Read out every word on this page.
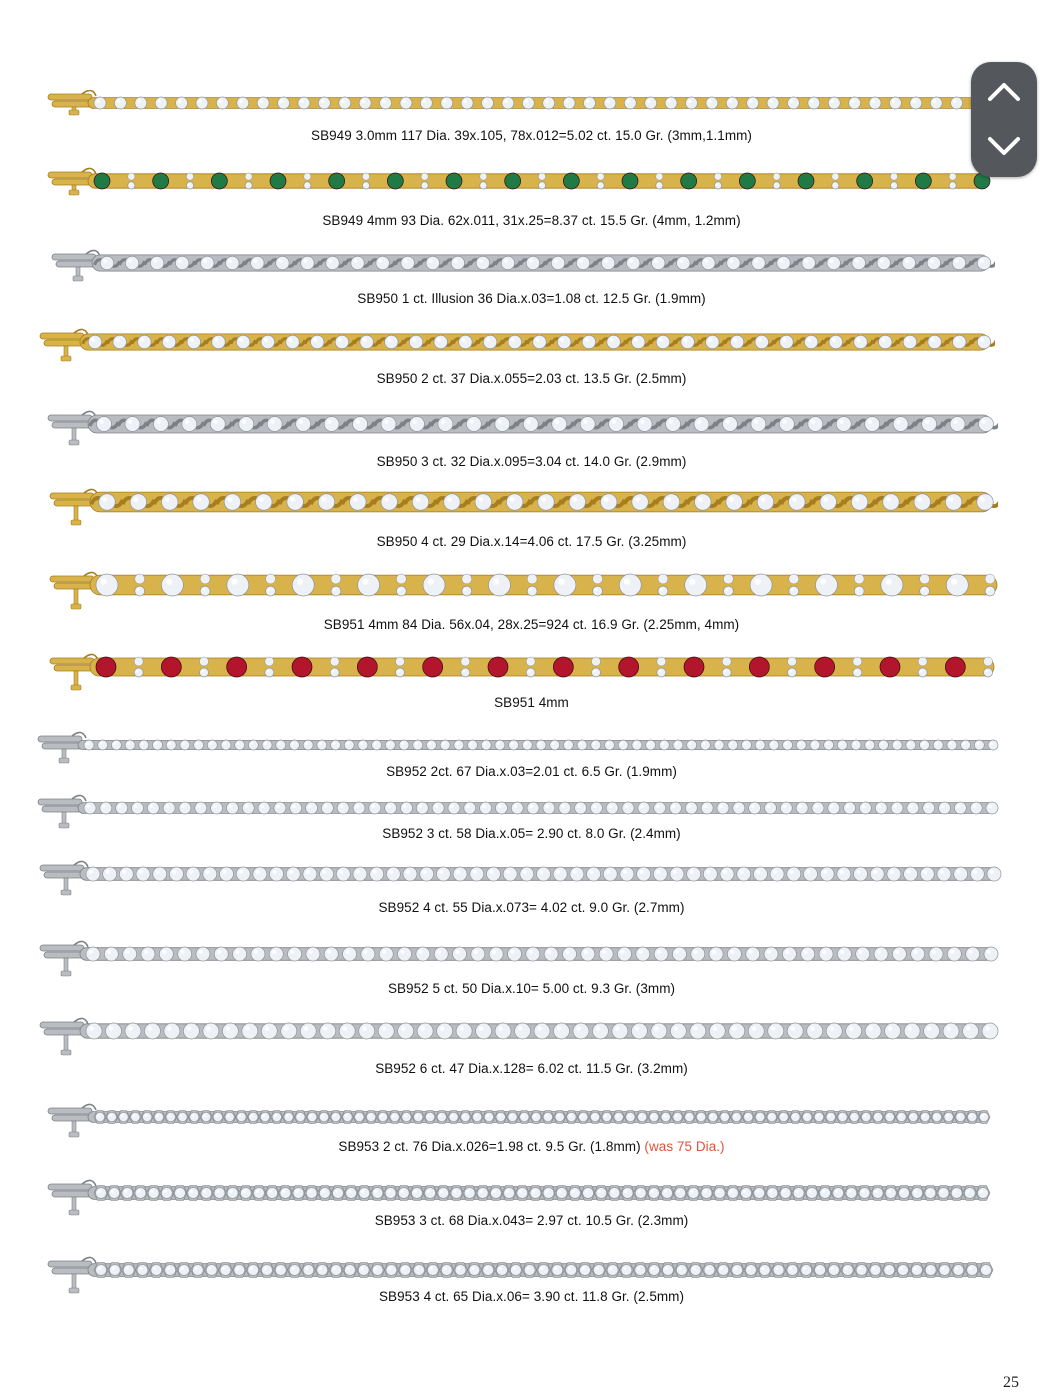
SB949 3.0mm 117 Dia. 39x.105, 78x.012=5.02 ct. 15.0 Gr. (3mm,1.1mm)
SB949 4mm 93 Dia. 62x.011, 31x.25=8.37 ct. 15.5 Gr. (4mm, 1.2mm)
SB950 1 ct. Illusion 36 Dia.x.03=1.08 ct. 12.5 Gr. (1.9mm)
SB950 2 ct. 37 Dia.x.055=2.03 ct. 13.5 Gr. (2.5mm)
SB950 3 ct. 32 Dia.x.095=3.04 ct. 14.0 Gr. (2.9mm)
SB950 4 ct. 29 Dia.x.14=4.06 ct. 17.5 Gr. (3.25mm)
SB951 4mm 84 Dia. 56x.04, 28x.25=924 ct. 16.9 Gr. (2.25mm, 4mm)
SB951 4mm
SB952 2ct. 67 Dia.x.03=2.01 ct. 6.5 Gr. (1.9mm)
SB952 3 ct. 58 Dia.x.05= 2.90 ct. 8.0 Gr. (2.4mm)
SB952 4 ct. 55 Dia.x.073= 4.02 ct. 9.0 Gr. (2.7mm)
SB952 5 ct. 50 Dia.x.10= 5.00 ct. 9.3 Gr. (3mm)
SB952 6 ct. 47 Dia.x.128= 6.02 ct. 11.5 Gr. (3.2mm)
SB953 2 ct. 76 Dia.x.026=1.98 ct. 9.5 Gr. (1.8mm) (was 75 Dia.)
SB953 3 ct. 68 Dia.x.043= 2.97 ct. 10.5 Gr. (2.3mm)
SB953 4 ct. 65 Dia.x.06= 3.90 ct. 11.8 Gr. (2.5mm)
25
